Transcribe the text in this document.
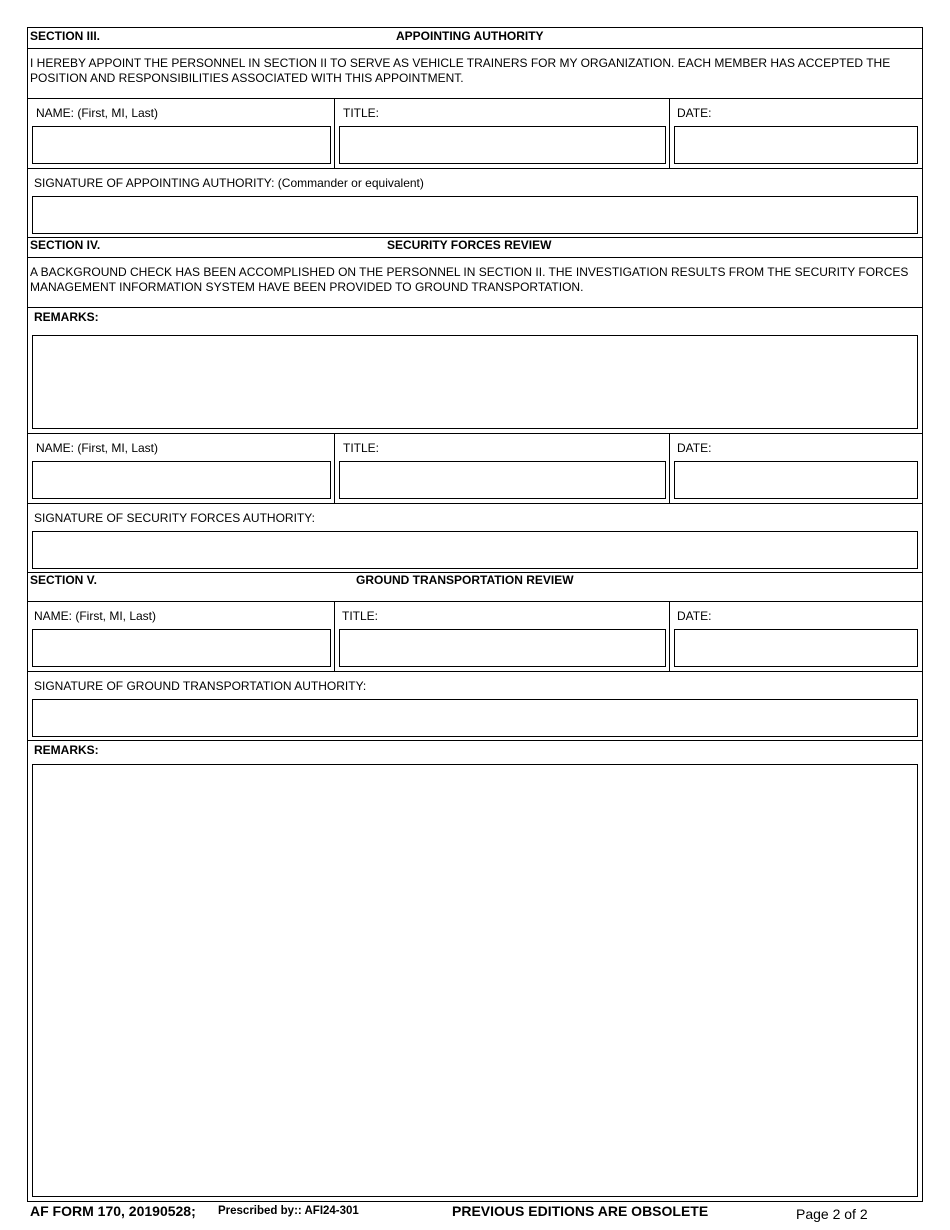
SECTION III.	APPOINTING AUTHORITY
I HEREBY APPOINT THE PERSONNEL IN SECTION II TO SERVE AS VEHICLE TRAINERS FOR MY ORGANIZATION. EACH MEMBER HAS ACCEPTED THE POSITION AND RESPONSIBILITIES ASSOCIATED WITH THIS APPOINTMENT.
NAME: (First, MI, Last)	TITLE:	DATE:
SIGNATURE OF APPOINTING AUTHORITY: (Commander or equivalent)
SECTION IV.	SECURITY FORCES REVIEW
A BACKGROUND CHECK HAS BEEN ACCOMPLISHED ON THE PERSONNEL IN SECTION II. THE INVESTIGATION RESULTS FROM THE SECURITY FORCES MANAGEMENT INFORMATION SYSTEM HAVE BEEN PROVIDED TO GROUND TRANSPORTATION.
REMARKS:
NAME: (First, MI, Last)	TITLE:	DATE:
SIGNATURE OF SECURITY FORCES AUTHORITY:
SECTION V.	GROUND TRANSPORTATION REVIEW
NAME: (First, MI, Last)	TITLE:	DATE:
SIGNATURE OF GROUND TRANSPORTATION AUTHORITY:
REMARKS:
AF FORM 170, 20190528; Prescribed by:: AFI24-301	PREVIOUS EDITIONS ARE OBSOLETE	Page 2 of 2
